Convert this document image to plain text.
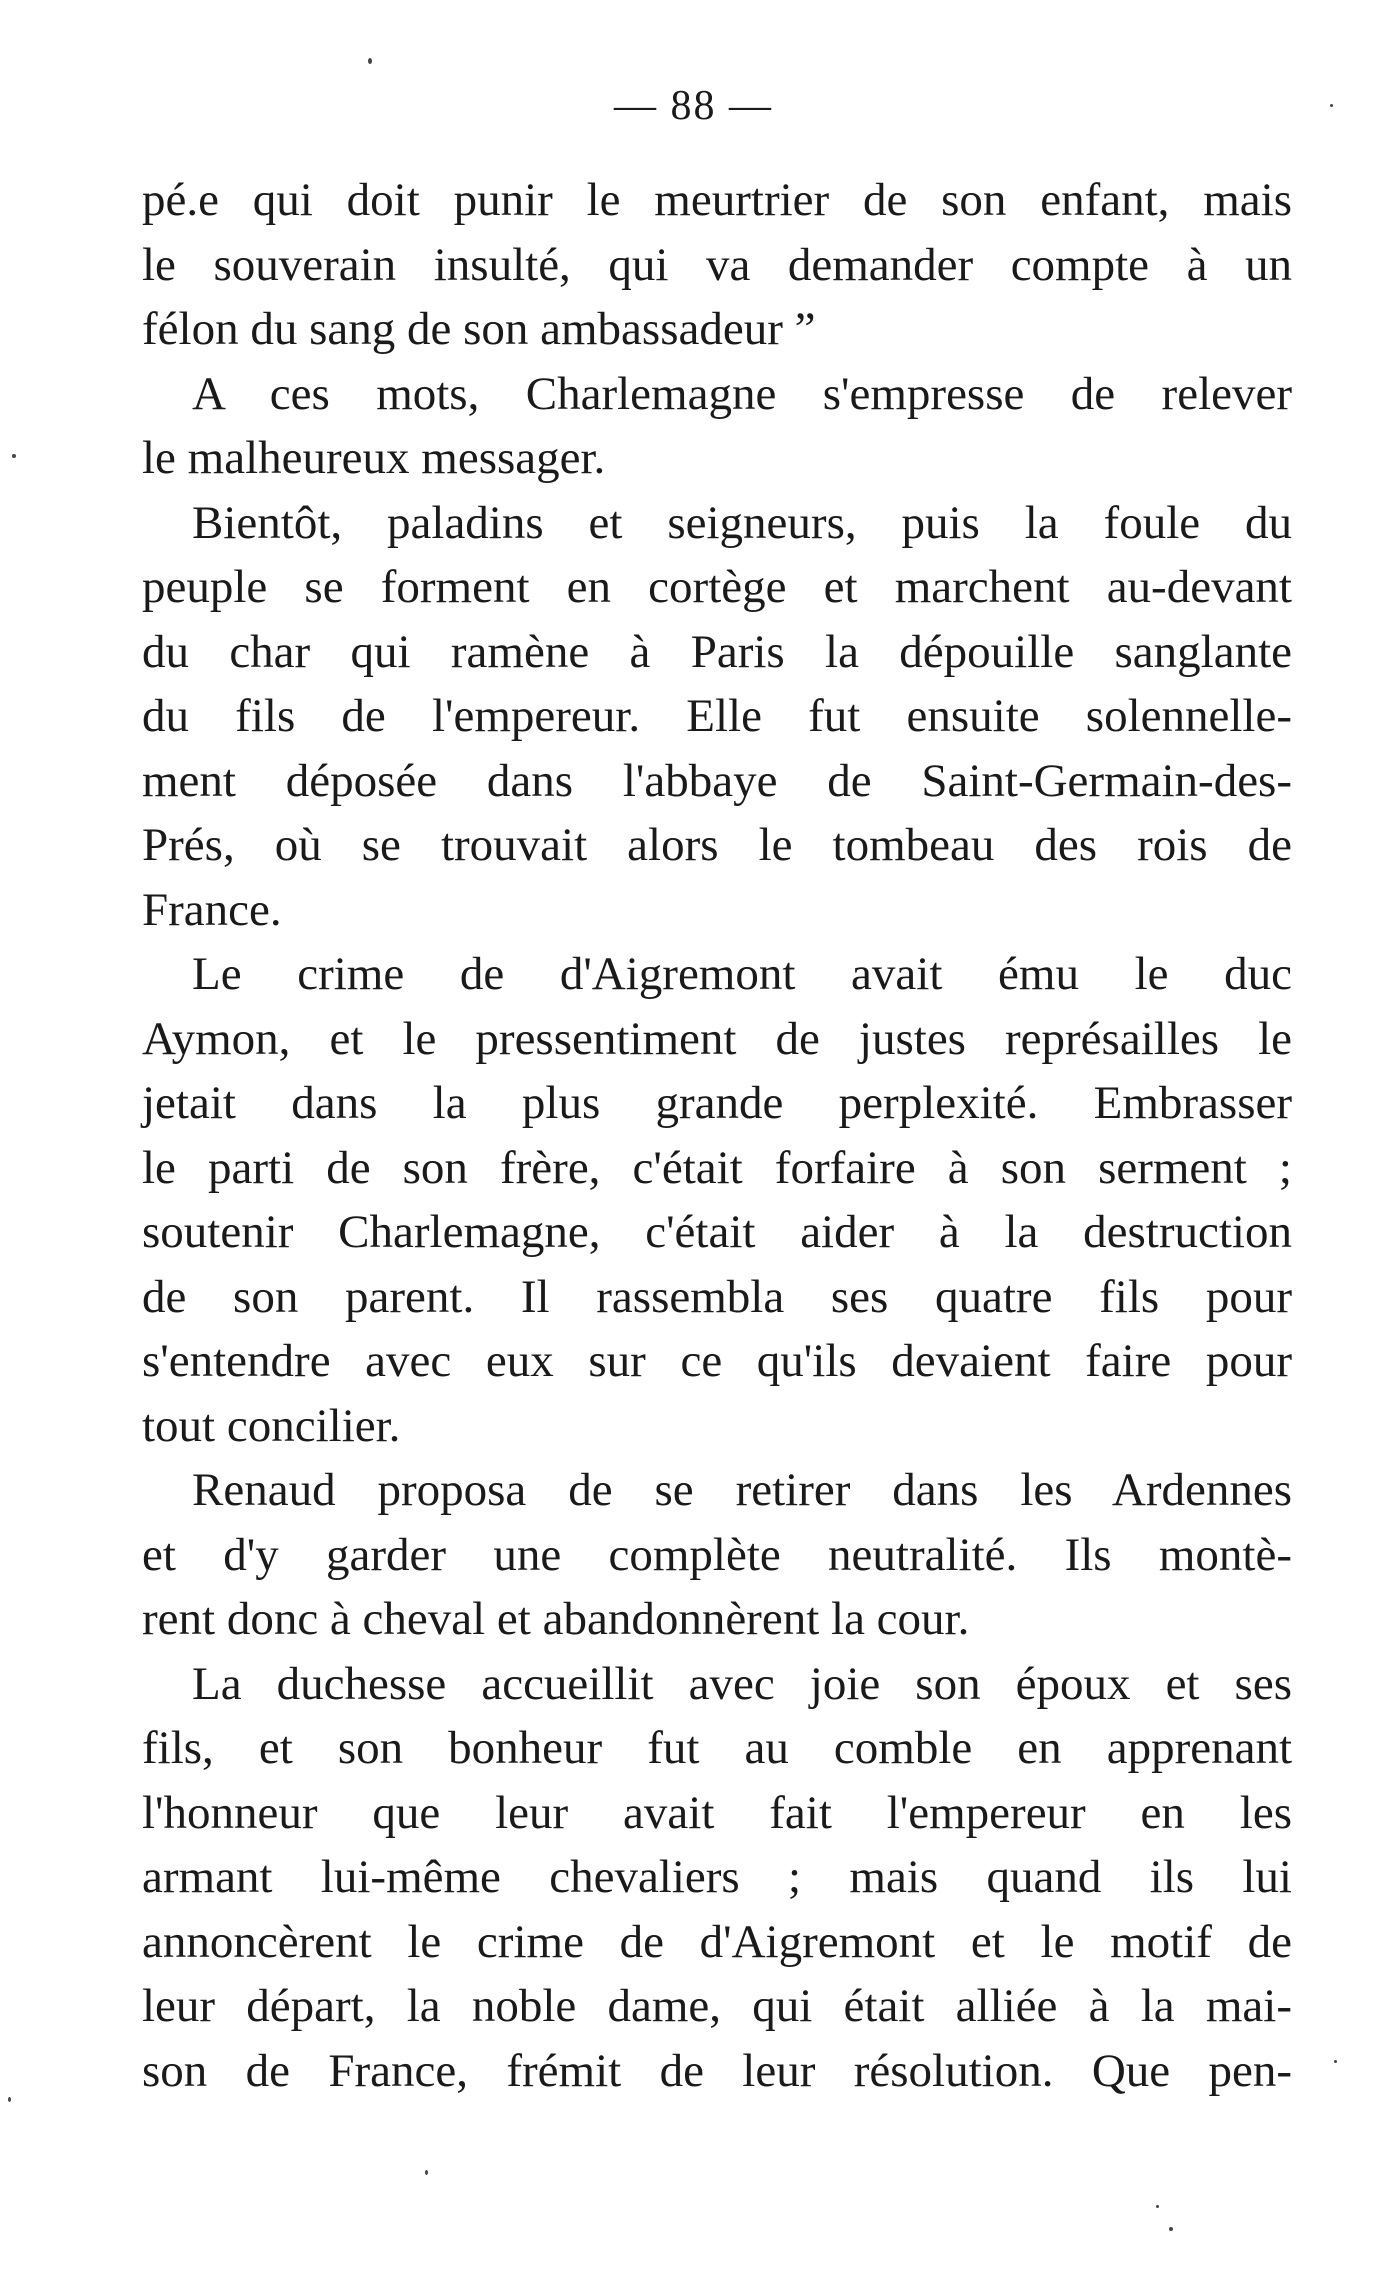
— 88 —
pé.e qui doit punir le meurtrier de son enfant, mais
le souverain insulté, qui va demander compte à un
félon du sang de son ambassadeur ”
A ces mots, Charlemagne s'empresse de relever
le malheureux messager.
Bientôt, paladins et seigneurs, puis la foule du
peuple se forment en cortège et marchent au-devant
du char qui ramène à Paris la dépouille sanglante
du fils de l'empereur. Elle fut ensuite solennelle-
ment déposée dans l'abbaye de Saint-Germain-des-
Prés, où se trouvait alors le tombeau des rois de
France.
Le crime de d'Aigremont avait ému le duc
Aymon, et le pressentiment de justes représailles le
jetait dans la plus grande perplexité. Embrasser
le parti de son frère, c'était forfaire à son serment ;
soutenir Charlemagne, c'était aider à la destruction
de son parent. Il rassembla ses quatre fils pour
s'entendre avec eux sur ce qu'ils devaient faire pour
tout concilier.
Renaud proposa de se retirer dans les Ardennes
et d'y garder une complète neutralité. Ils montè-
rent donc à cheval et abandonnèrent la cour.
La duchesse accueillit avec joie son époux et ses
fils, et son bonheur fut au comble en apprenant
l'honneur que leur avait fait l'empereur en les
armant lui-même chevaliers ; mais quand ils lui
annoncèrent le crime de d'Aigremont et le motif de
leur départ, la noble dame, qui était alliée à la mai-
son de France, frémit de leur résolution. Que pen-
